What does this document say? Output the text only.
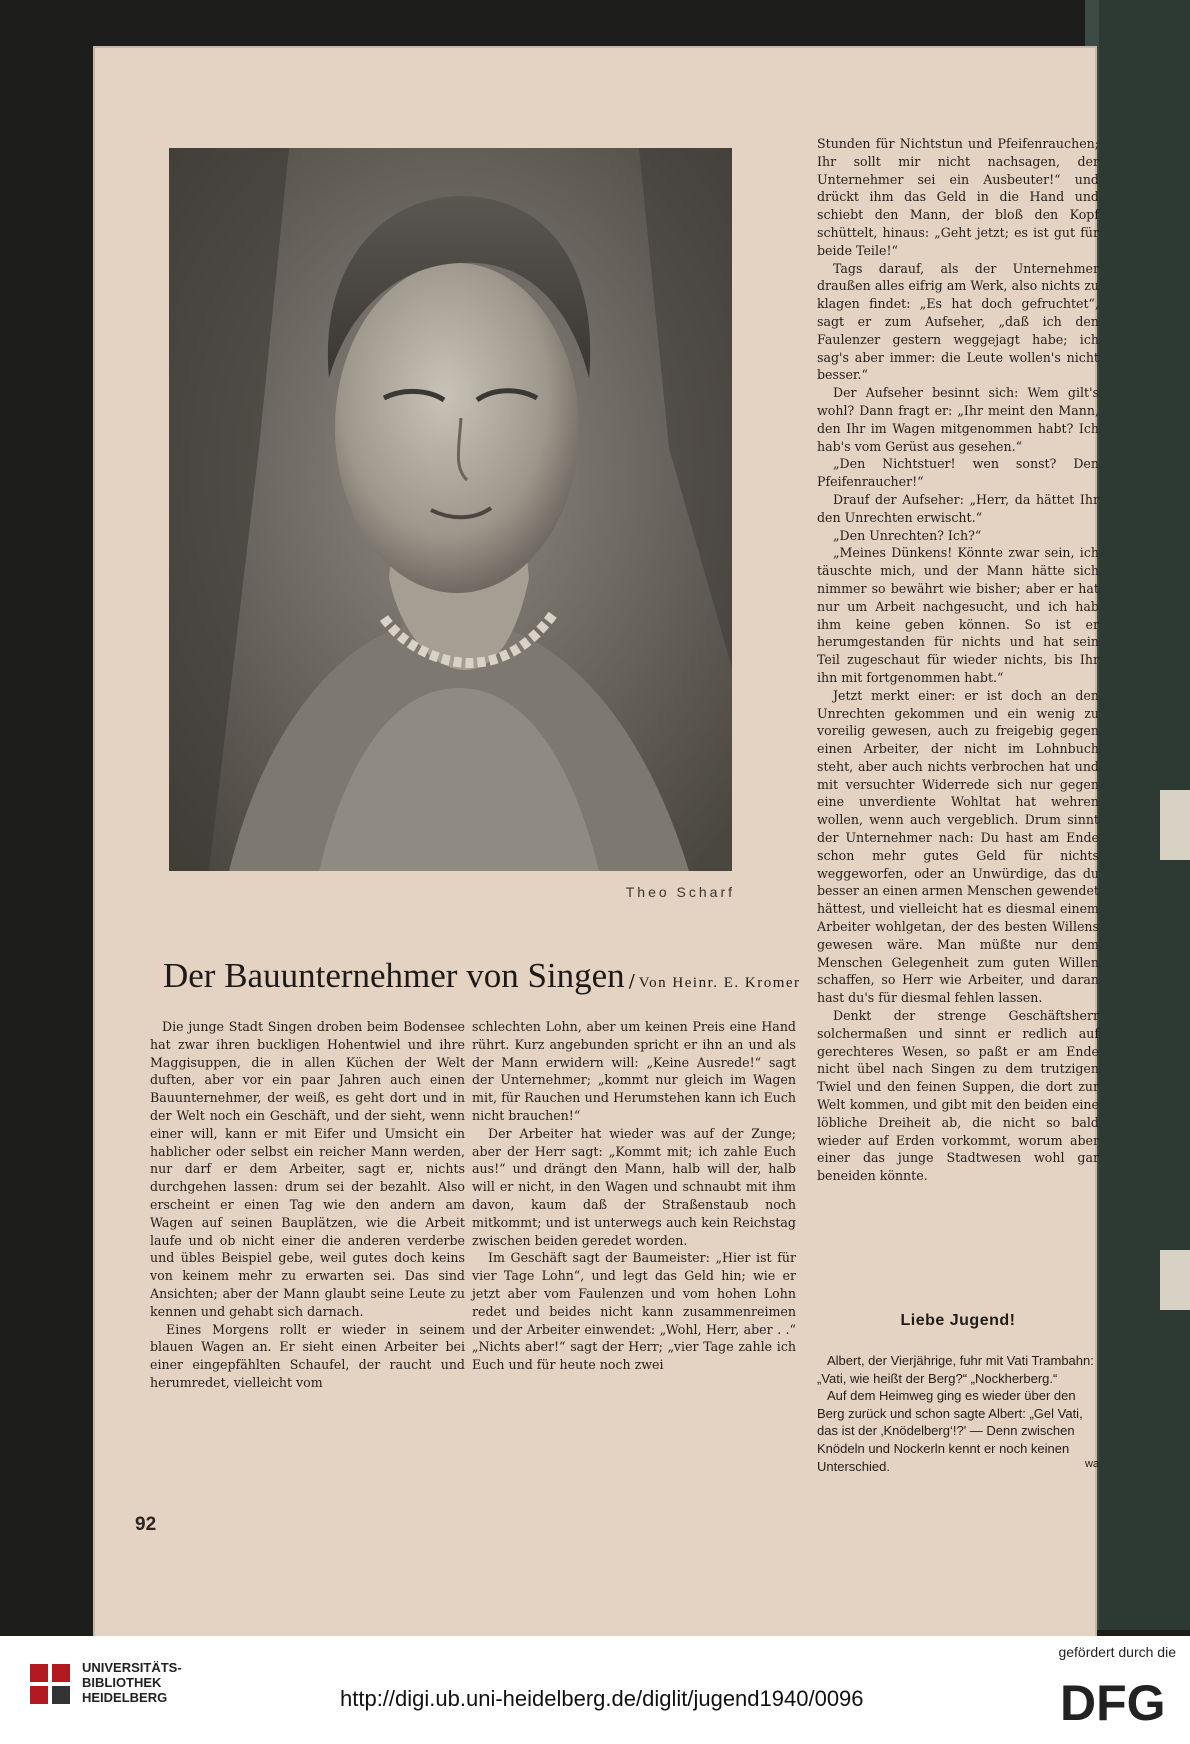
Theo Scharf
Der Bauunternehmer von Singen / Von Heinr. E. Kromer

Die junge Stadt Singen droben beim Bodensee hat zwar ihren buckligen Hohentwiel und ihre Maggisuppen, die in allen Küchen der Welt duften, aber vor ein paar Jahren auch einen Bauunternehmer, der weiß, es geht dort und in der Welt noch ein Geschäft, und der sieht, wenn einer will, kann er mit Eifer und Umsicht ein hablicher oder selbst ein reicher Mann werden, nur darf er dem Arbeiter, sagt er, nichts durchgehen lassen: drum sei der bezahlt. Also erscheint er einen Tag wie den andern am Wagen auf seinen Bauplätzen, wie die Arbeit laufe und ob nicht einer die anderen verderbe und übles Beispiel gebe, weil gutes doch keins von keinem mehr zu erwarten sei. Das sind Ansichten; aber der Mann glaubt seine Leute zu kennen und gehabt sich darnach.

Eines Morgens rollt er wieder in seinem blauen Wagen an. Er sieht einen Arbeiter bei einer eingepfählten Schaufel, der raucht und herumredet, vielleicht vom

schlechten Lohn, aber um keinen Preis eine Hand rührt. Kurz angebunden spricht er ihn an und als der Mann erwidern will: „Keine Ausrede!“ sagt der Unternehmer; „kommt nur gleich im Wagen mit, für Rauchen und Herumstehen kann ich Euch nicht brauchen!“

Der Arbeiter hat wieder was auf der Zunge; aber der Herr sagt: „Kommt mit; ich zahle Euch aus!“ und drängt den Mann, halb will der, halb will er nicht, in den Wagen und schnaubt mit ihm davon, kaum daß der Straßenstaub noch mitkommt; und ist unterwegs auch kein Reichstag zwischen beiden geredet worden.

Im Geschäft sagt der Baumeister: „Hier ist für vier Tage Lohn“, und legt das Geld hin; wie er jetzt aber vom Faulenzen und vom hohen Lohn redet und beides nicht kann zusammenreimen und der Arbeiter einwendet: „Wohl, Herr, aber . .“ „Nichts aber!“ sagt der Herr; „vier Tage zahle ich Euch und für heute noch zwei

Stunden für Nichtstun und Pfeifenrauchen; Ihr sollt mir nicht nachsagen, der Unternehmer sei ein Ausbeuter!“ und drückt ihm das Geld in die Hand und schiebt den Mann, der bloß den Kopf schüttelt, hinaus: „Geht jetzt; es ist gut für beide Teile!“

Tags darauf, als der Unternehmer draußen alles eifrig am Werk, also nichts zu klagen findet: „Es hat doch gefruchtet“, sagt er zum Aufseher, „daß ich den Faulenzer gestern weggejagt habe; ich sag's aber immer: die Leute wollen's nicht besser.“

Der Aufseher besinnt sich: Wem gilt's wohl? Dann fragt er: „Ihr meint den Mann, den Ihr im Wagen mitgenommen habt? Ich hab's vom Gerüst aus gesehen.“

„Den Nichtstuer! wen sonst? Den Pfeifenraucher!“

Drauf der Aufseher: „Herr, da hättet Ihr den Unrechten erwischt.“

„Den Unrechten? Ich?“

„Meines Dünkens! Könnte zwar sein, ich täuschte mich, und der Mann hätte sich nimmer so bewährt wie bisher; aber er hat nur um Arbeit nachgesucht, und ich hab ihm keine geben können. So ist er herumgestanden für nichts und hat sein Teil zugeschaut für wieder nichts, bis Ihr ihn mit fortgenommen habt.“

Jetzt merkt einer: er ist doch an den Unrechten gekommen und ein wenig zu voreilig gewesen, auch zu freigebig gegen einen Arbeiter, der nicht im Lohnbuch steht, aber auch nichts verbrochen hat und mit versuchter Widerrede sich nur gegen eine unverdiente Wohltat hat wehren wollen, wenn auch vergeblich. Drum sinnt der Unternehmer nach: Du hast am Ende schon mehr gutes Geld für nichts weggeworfen, oder an Unwürdige, das du besser an einen armen Menschen gewendet hättest, und vielleicht hat es diesmal einem Arbeiter wohlgetan, der des besten Willens gewesen wäre. Man müßte nur dem Menschen Gelegenheit zum guten Willen schaffen, so Herr wie Arbeiter, und daran hast du's für diesmal fehlen lassen.

Denkt der strenge Geschäftsherr solchermaßen und sinnt er redlich auf gerechteres Wesen, so paßt er am Ende nicht übel nach Singen zu dem trutzigen Twiel und den feinen Suppen, die dort zur Welt kommen, und gibt mit den beiden eine löbliche Dreiheit ab, die nicht so bald wieder auf Erden vorkommt, worum aber einer das junge Stadtwesen wohl gar beneiden könnte.

Liebe Jugend!

Albert, der Vierjährige, fuhr mit Vati Trambahn: „Vati, wie heißt der Berg?“ „Nockherberg.“

Auf dem Heimweg ging es wieder über den Berg zurück und schon sagte Albert: „Gel Vati, das ist der ‚Knödelberg‘!?' — Denn zwischen Knödeln und Nockerln kennt er noch keinen Unterschied.	wa
92
UNIVERSITÄTS-
BIBLIOTHEK
HEIDELBERG	http://digi.ub.uni-heidelberg.de/diglit/jugend1940/0096
gefördert durch die
DFG
